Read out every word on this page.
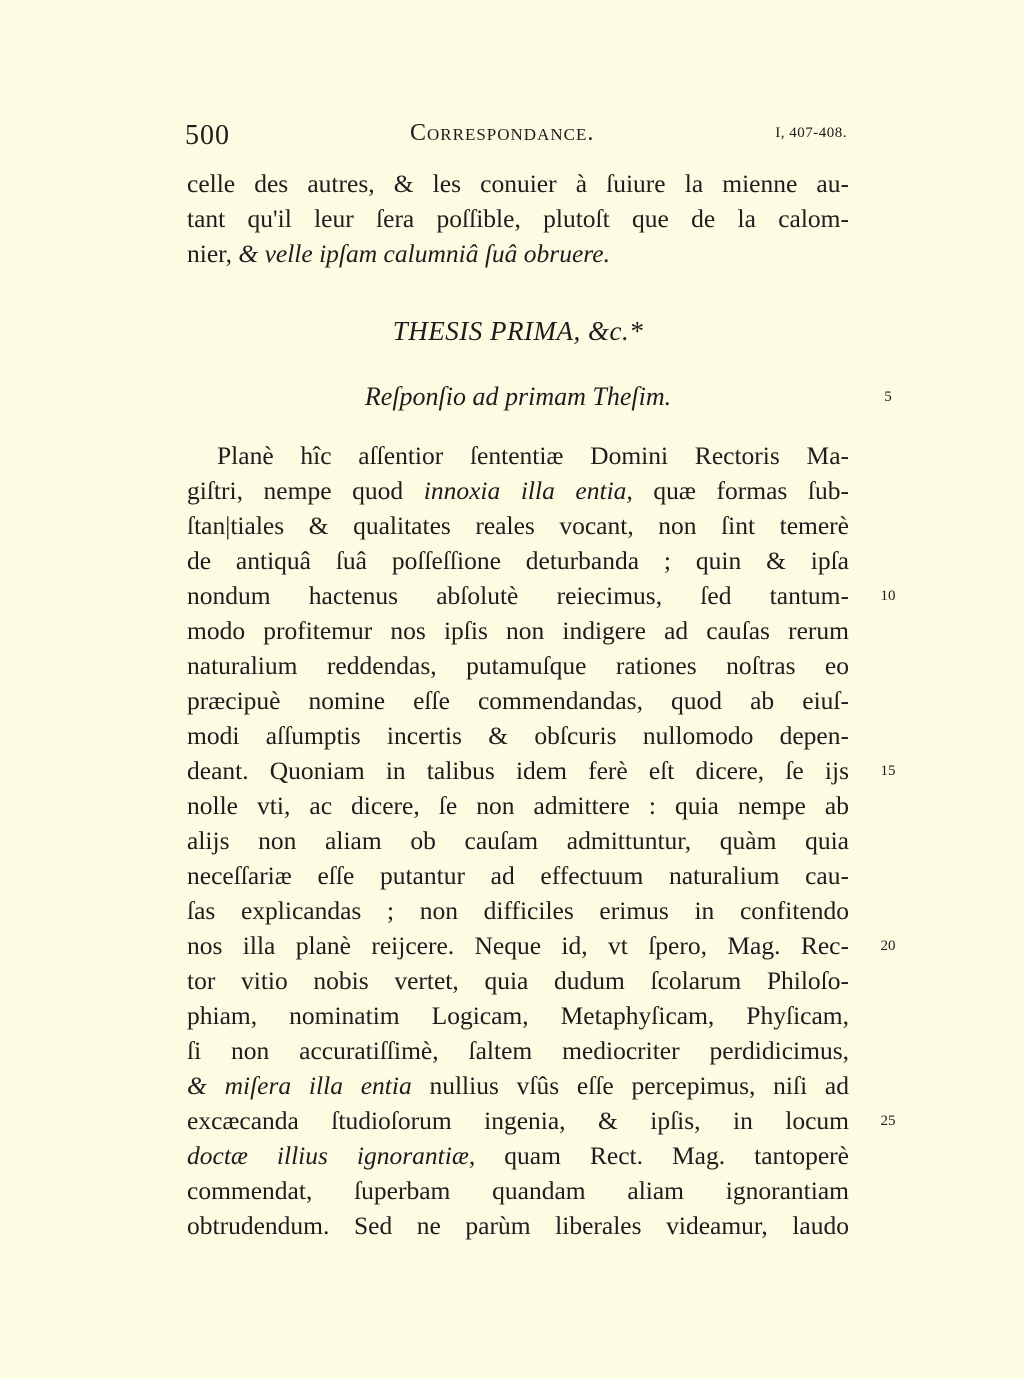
500	Correspondance.	I, 407-408.
celle des autres, & les conuier à ſuiure la mienne au-
tant qu'il leur ſera poſſible, plutoſt que de la calom-
nier, & velle ipſam calumniâ ſuâ obruere.
THESIS PRIMA, &c.*
Reſponſio ad primam Theſim.
Planè hîc aſſentior ſententiæ Domini Rectoris Ma-
giſtri, nempe quod innoxia illa entia, quæ formas ſub-
ſtan|tiales & qualitates reales vocant, non ſint temerè
de antiquâ ſuâ poſſeſſione deturbanda ; quin & ipſa
nondum hactenus abſolutè reiecimus, ſed tantum-
modo profitemur nos ipſis non indigere ad cauſas rerum
naturalium reddendas, putamuſque rationes noſtras eo
præcipuè nomine eſſe commendandas, quod ab eiuſ-
modi aſſumptis incertis & obſcuris nullomodo depen-
deant. Quoniam in talibus idem ferè eſt dicere, ſe ijs
nolle vti, ac dicere, ſe non admittere : quia nempe ab
alijs non aliam ob cauſam admittuntur, quàm quia
neceſſariæ eſſe putantur ad effectuum naturalium cau-
ſas explicandas ; non difficiles erimus in confitendo
nos illa planè reijcere. Neque id, vt ſpero, Mag. Rec-
tor vitio nobis vertet, quia dudum ſcolarum Philoſo-
phiam, nominatim Logicam, Metaphyſicam, Phyſicam,
ſi non accuratiſſimè, ſaltem mediocriter perdidicimus,
& miſera illa entia nullius vſûs eſſe percepimus, niſi ad
excæcanda ſtudioſorum ingenia, & ipſis, in locum
doctæ illius ignorantiæ, quam Rect. Mag. tantoperè
commendat, ſuperbam quandam aliam ignorantiam
obtrudendum. Sed ne parùm liberales videamur, laudo
5
10
15
20
25
